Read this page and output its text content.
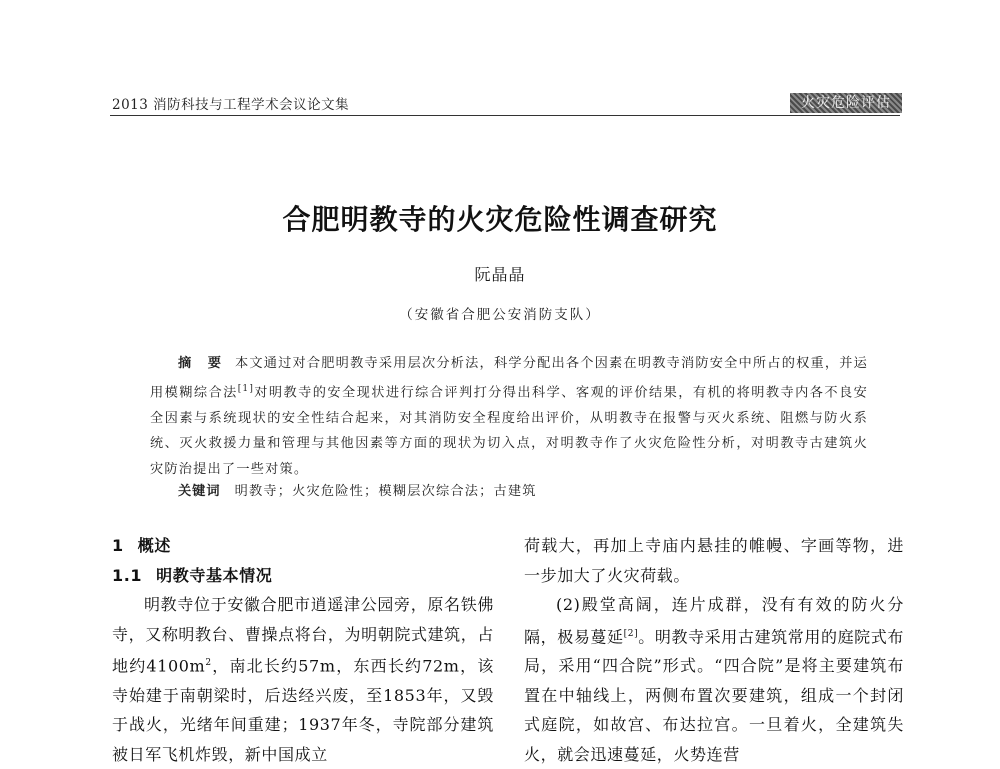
2013 消防科技与工程学术会议论文集	火灾危险评估
合肥明教寺的火灾危险性调查研究
阮晶晶
（安徽省合肥公安消防支队）
摘 要 本文通过对合肥明教寺采用层次分析法，科学分配出各个因素在明教寺消防安全中所占的权重，并运用模糊综合法[1]对明教寺的安全现状进行综合评判打分得出科学、客观的评价结果，有机的将明教寺内各不良安全因素与系统现状的安全性结合起来，对其消防安全程度给出评价，从明教寺在报警与灭火系统、阻燃与防火系统、灭火救援力量和管理与其他因素等方面的现状为切入点，对明教寺作了火灾危险性分析，对明教寺古建筑火灾防治提出了一些对策。
关键词 明教寺；火灾危险性；模糊层次综合法；古建筑

1 概述

1.1 明教寺基本情况

明教寺位于安徽合肥市逍遥津公园旁，原名铁佛寺，又称明教台、曹操点将台，为明朝院式建筑，占地约$4100m^2$，南北长约57m，东西长约72m，该寺始建于南朝梁时，后迭经兴废，至1853年，又毁于战火，光绪年间重建；1937年冬，寺院部分建筑被日军飞机炸毁，新中国成立

荷载大，再加上寺庙内悬挂的帷幔、字画等物，进一步加大了火灾荷载。

(2)殿堂高阔，连片成群，没有有效的防火分隔，极易蔓延[2]。明教寺采用古建筑常用的庭院式布局，采用“四合院”形式。“四合院”是将主要建筑布置在中轴线上，两侧布置次要建筑，组成一个封闭式庭院，如故宫、布达拉宫。一旦着火，全建筑失火，就会迅速蔓延，火势连营
